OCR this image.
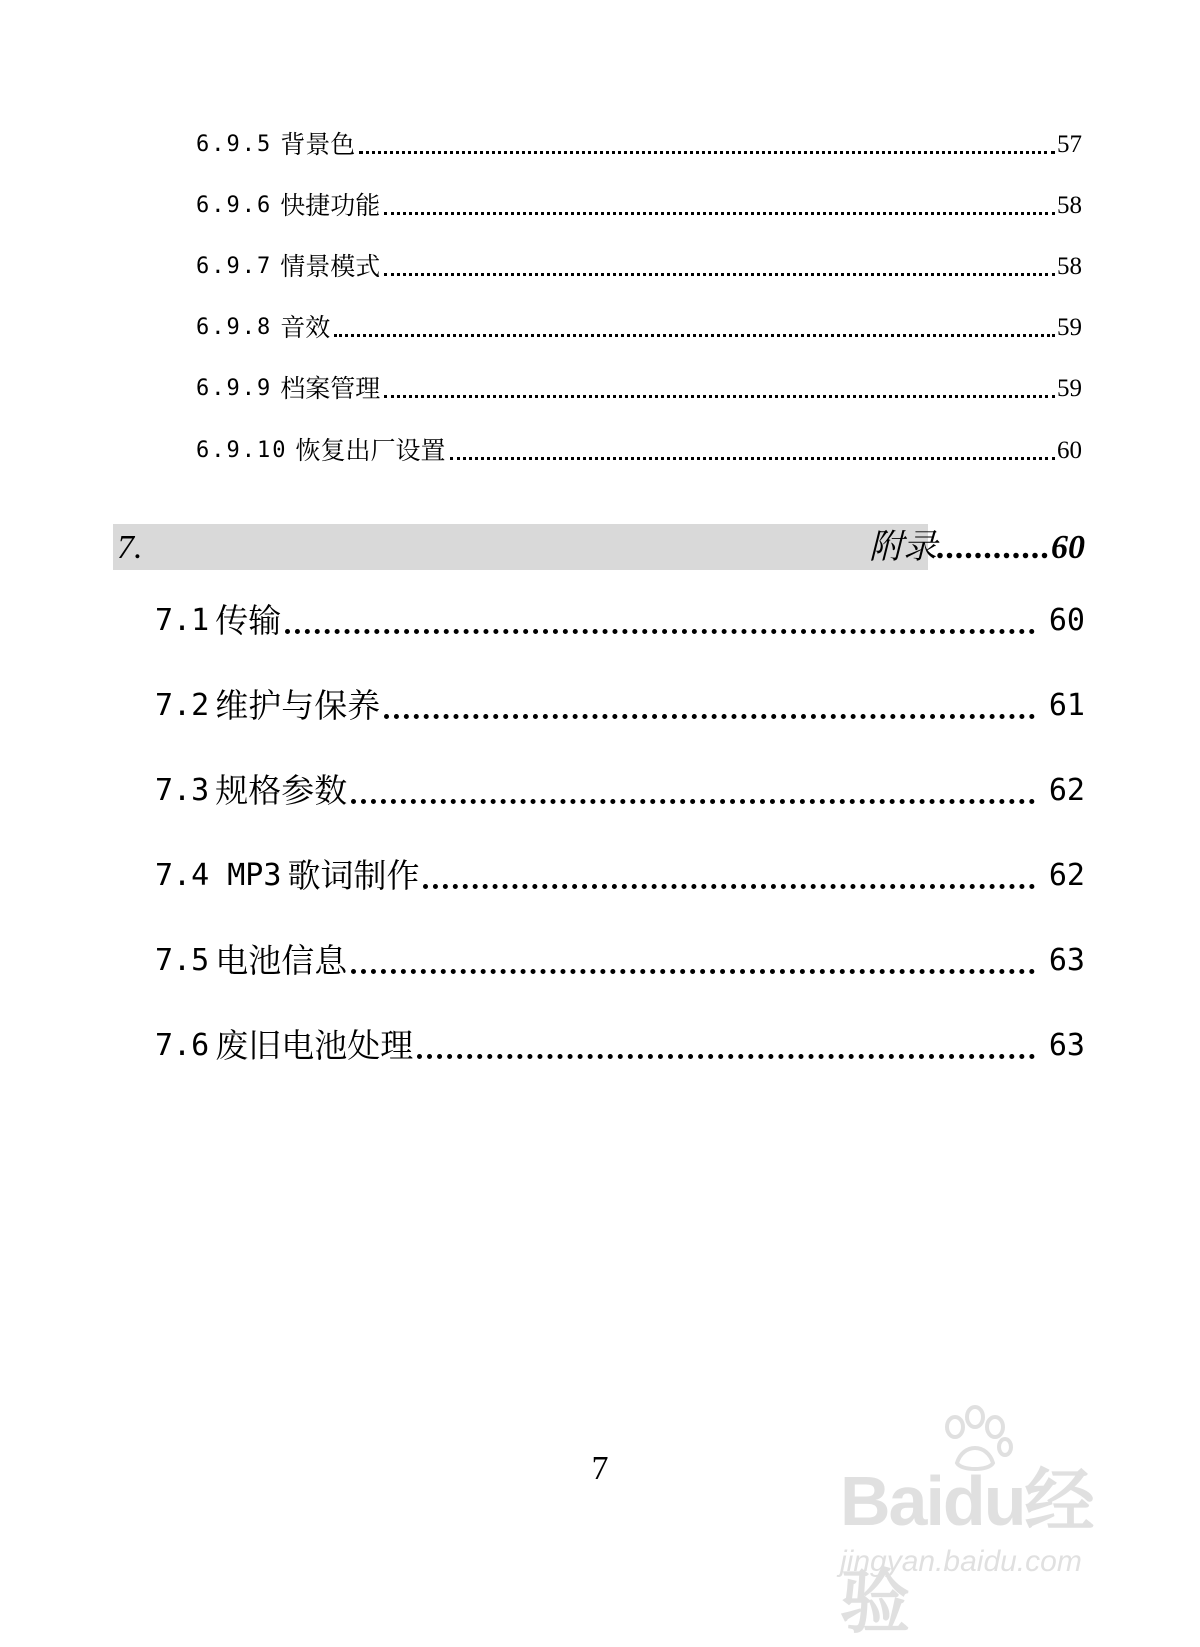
6.9.5 背景色	57
6.9.6 快捷功能	58
6.9.7 情景模式	58
6.9.8 音效	59
6.9.9 档案管理	59
6.9.10 恢复出厂设置	60
7.	附录 ............ 60
7.1 传输	60
7.2 维护与保养	61
7.3 规格参数	62
7.4 MP3 歌词制作	62
7.5 电池信息	63
7.6 废旧电池处理	63
7	Baidu经验
jingyan.baidu.com
